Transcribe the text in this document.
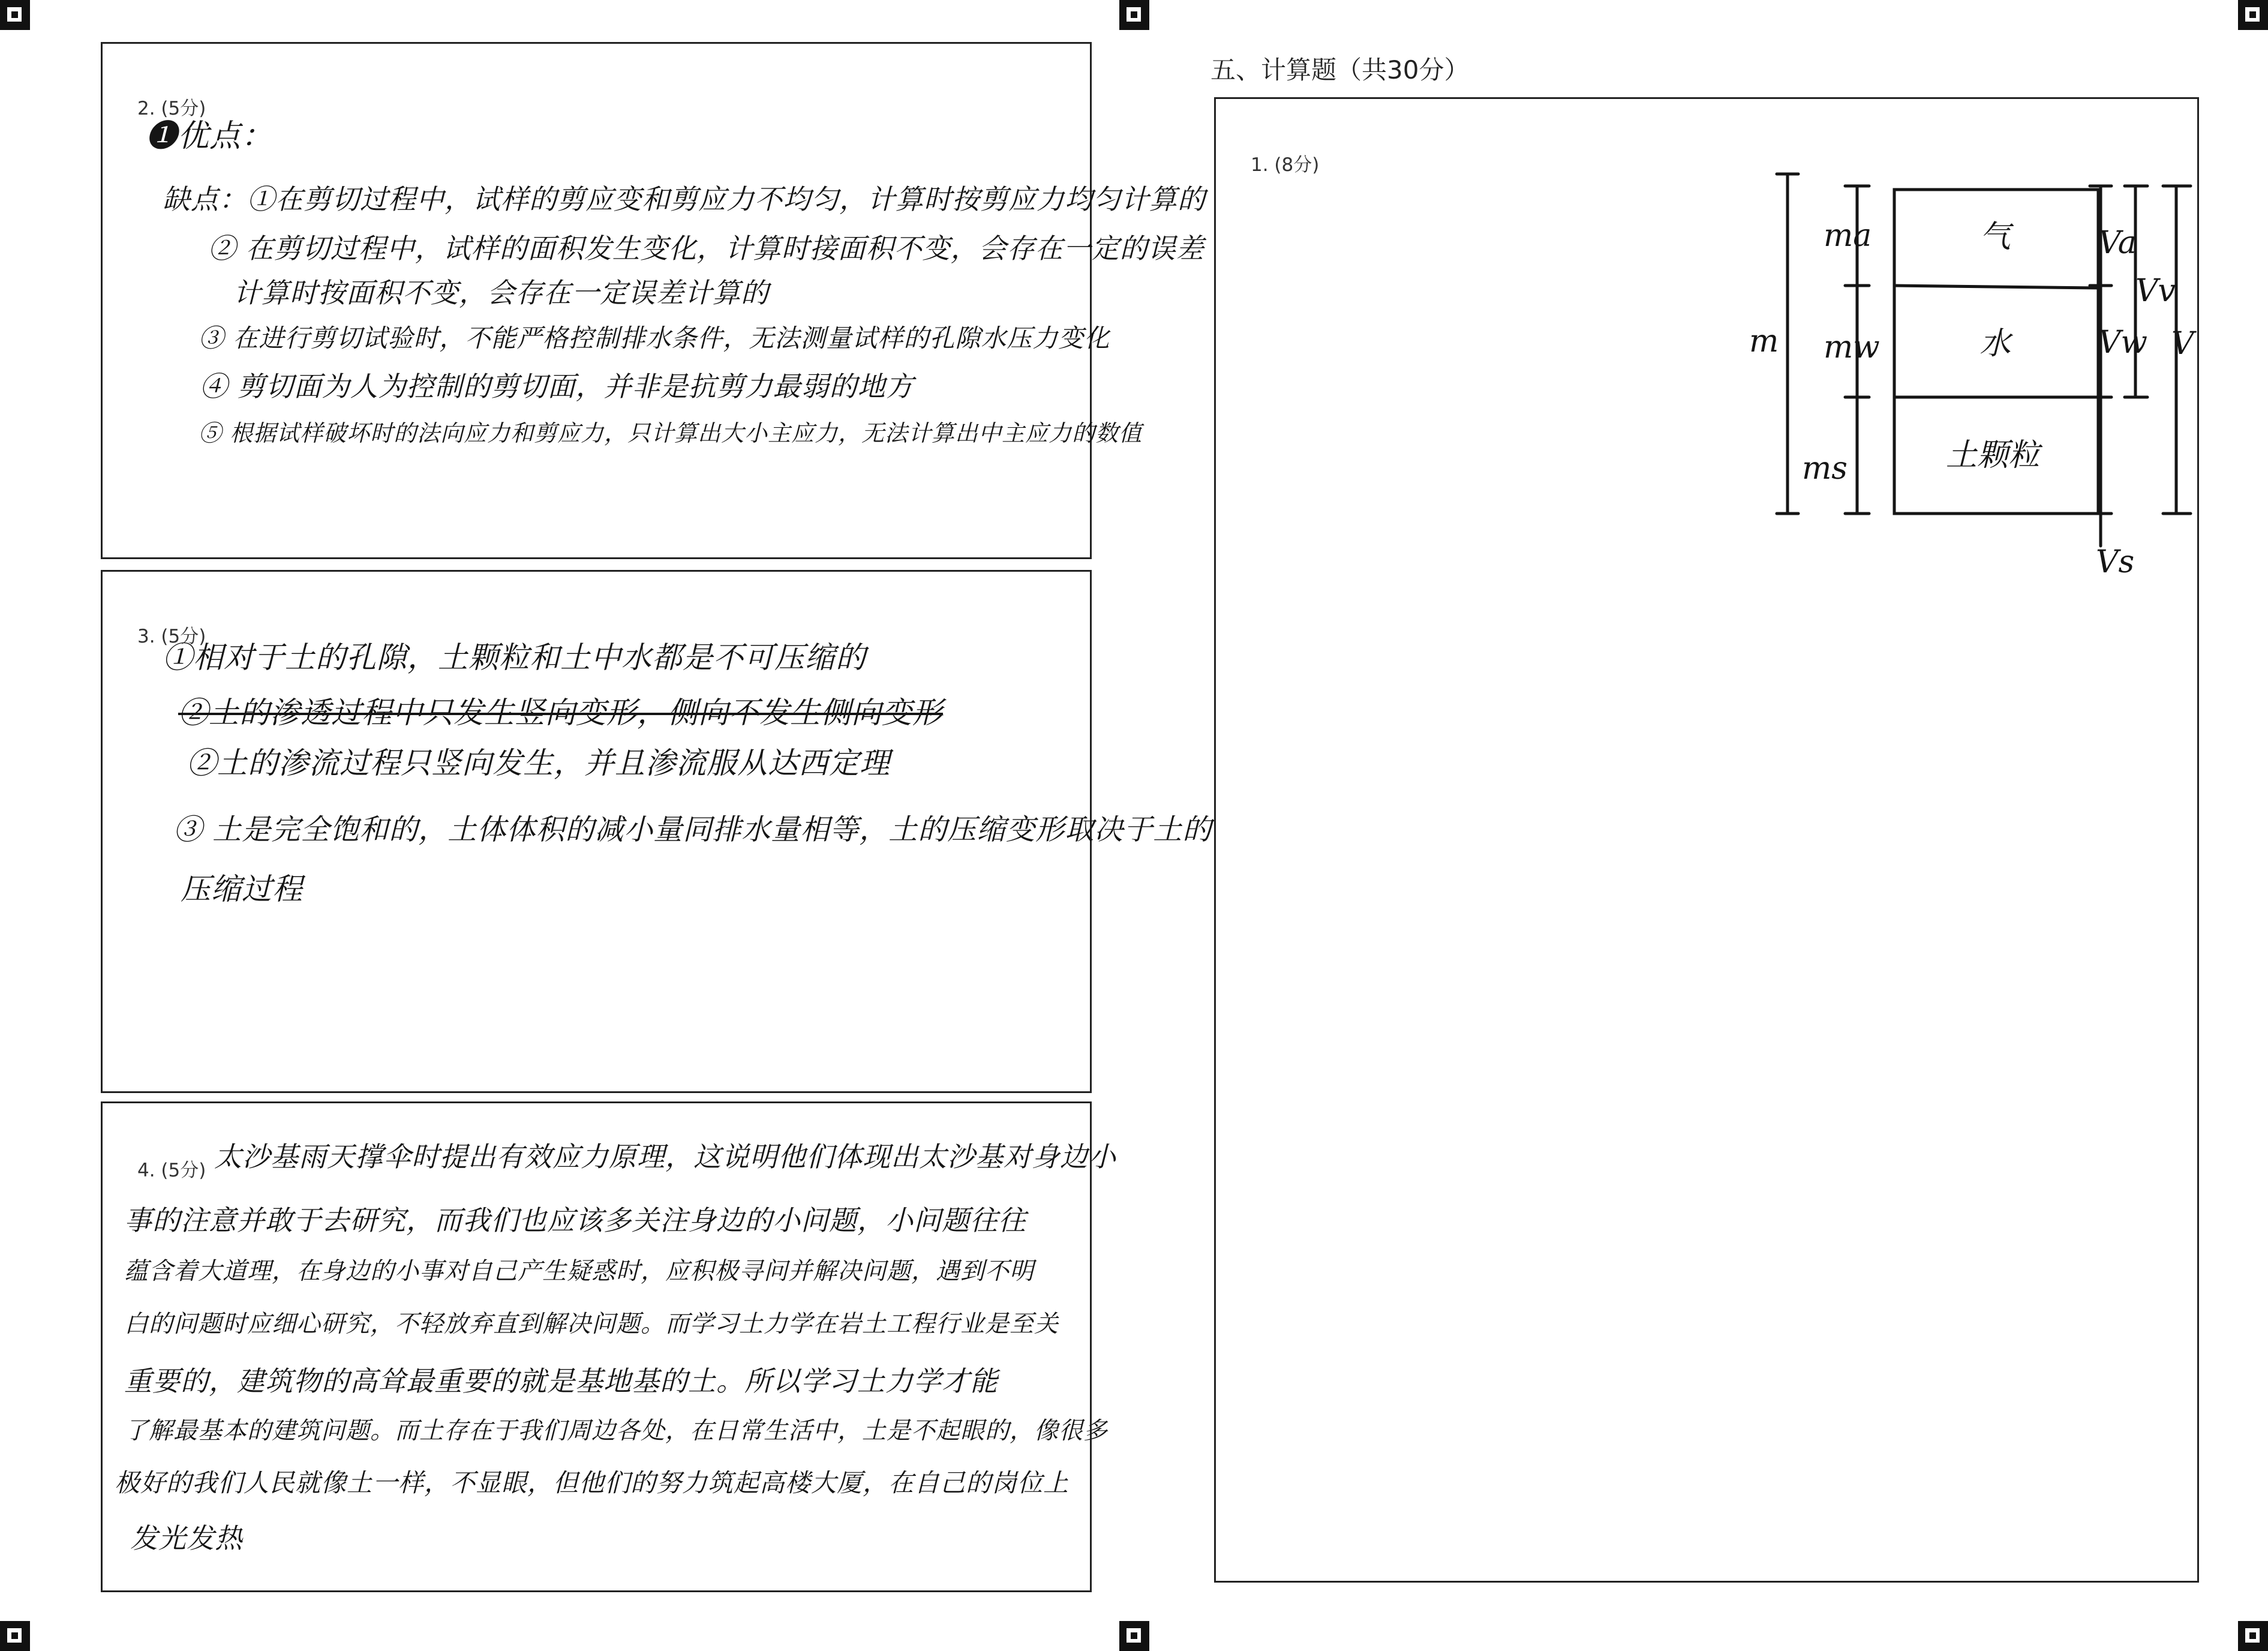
2. (5分)
❶优点：
缺点：①在剪切过程中，试样的剪应变和剪应力不均匀，计算时按剪应力均匀计算的
② 在剪切过程中，试样的面积发生变化，计算时接面积不变，会存在一定的误差
计算时按面积不变，会存在一定误差计算的
③ 在进行剪切试验时，不能严格控制排水条件，无法测量试样的孔隙水压力变化
④ 剪切面为人为控制的剪切面，并非是抗剪力最弱的地方
⑤ 根据试样破坏时的法向应力和剪应力，只计算出大小主应力，无法计算出中主应力的数值
3. (5分)
①相对于土的孔隙，土颗粒和土中水都是不可压缩的
②土的渗透过程中只发生竖向变形，侧向不发生侧向变形
②土的渗流过程只竖向发生，并且渗流服从达西定理
③ 土是完全饱和的，土体体积的减小量同排水量相等，土的压缩变形取决于土的
压缩过程
4. (5分) 太沙基雨天撑伞时提出有效应力原理，这说明他们体现出太沙基对身边小
事的注意并敢于去研究，而我们也应该多关注身边的小问题，小问题往往
蕴含着大道理，在身边的小事对自己产生疑惑时，应积极寻问并解决问题，遇到不明
白的问题时应细心研究，不轻放弃直到解决问题。而学习土力学在岩土工程行业是至关
重要的，建筑物的高耸最重要的就是基地基的土。所以学习土力学才能
了解最基本的建筑问题。而土存在于我们周边各处，在日常生活中，土是不起眼的，像很多
极好的我们人民就像土一样，不显眼，但他们的努力筑起高楼大厦，在自己的岗位上
发光发热
五、计算题（共30分）
1. (8分)
气
水
土颗粒
ma
mw
ms
m
Va
Vw
Vv
V
Vs
